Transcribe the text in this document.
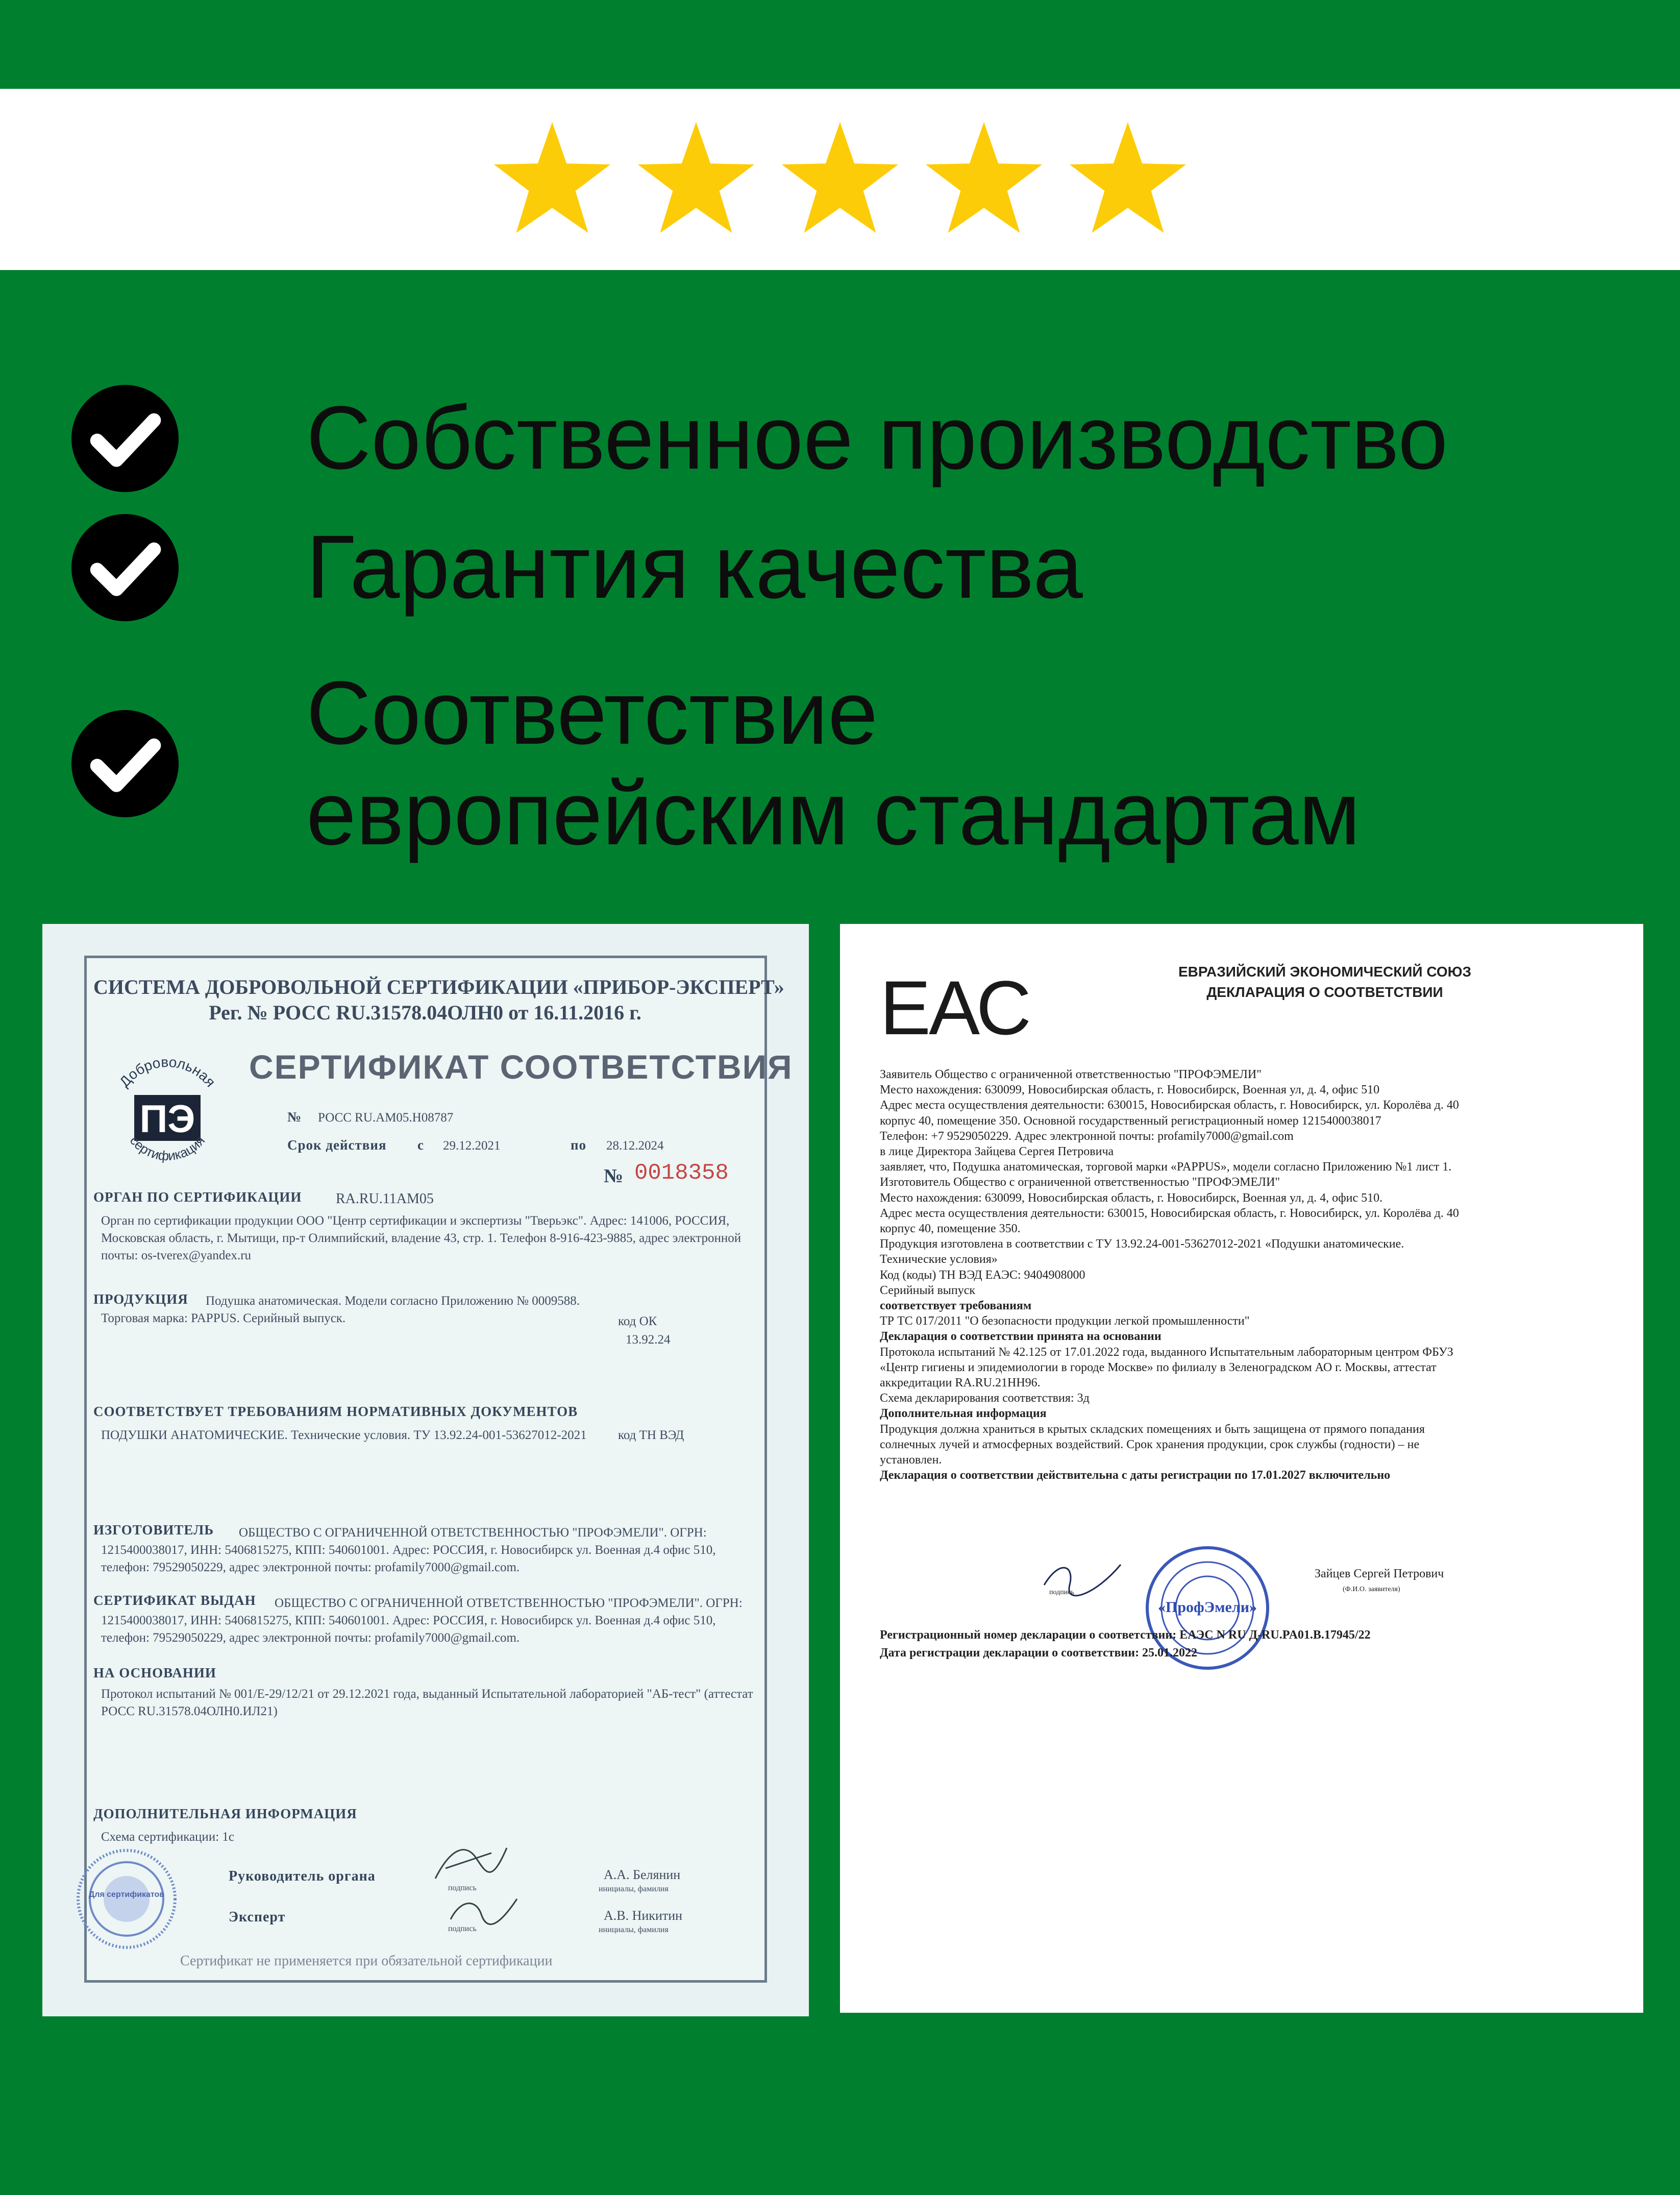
Собственное производство
Гарантия качества
Соответствие
европейским стандартам
СИСТЕМА ДОБРОВОЛЬНОЙ СЕРТИФИКАЦИИ «ПРИБОР-ЭКСПЕРТ»
Рег. № РОСС RU.31578.04ОЛН0 от 16.11.2016 г.
Добровольная
ПЭ
сертификация
СЕРТИФИКАТ СООТВЕТСТВИЯ
№ РОСС RU.АМ05.Н08787
Срок действия с 29.12.2021	по 28.12.2024
№ 0018358
ОРГАН ПО СЕРТИФИКАЦИИ RA.RU.11АМ05
Орган по сертификации продукции ООО "Центр сертификации и экспертизы "Тверьэкс". Адрес: 141006, РОССИЯ, Московская область, г. Мытищи, пр-т Олимпийский, владение 43, стр. 1. Телефон 8-916-423-9885, адрес электронной почты: os-tverex@yandex.ru
ПРОДУКЦИЯ Подушка анатомическая. Модели согласно Приложению № 0009588.
Торговая марка: PAPPUS. Серийный выпуск.	код ОК
13.92.24
СООТВЕТСТВУЕТ ТРЕБОВАНИЯМ НОРМАТИВНЫХ ДОКУМЕНТОВ
ПОДУШКИ АНАТОМИЧЕСКИЕ. Технические условия. ТУ 13.92.24-001-53627012-2021 код ТН ВЭД
ИЗГОТОВИТЕЛЬ	ОБЩЕСТВО С ОГРАНИЧЕННОЙ ОТВЕТСТВЕННОСТЬЮ "ПРОФЭМЕЛИ". ОГРН: 1215400038017, ИНН: 5406815275, КПП: 540601001. Адрес: РОССИЯ, г. Новосибирск ул. Военная д.4 офис 510, телефон: 79529050229, адрес электронной почты: profamily7000@gmail.com.
СЕРТИФИКАТ ВЫДАН	ОБЩЕСТВО С ОГРАНИЧЕННОЙ ОТВЕТСТВЕННОСТЬЮ "ПРОФЭМЕЛИ". ОГРН: 1215400038017, ИНН: 5406815275, КПП: 540601001. Адрес: РОССИЯ, г. Новосибирск ул. Военная д.4 офис 510, телефон: 79529050229, адрес электронной почты: profamily7000@gmail.com.
НА ОСНОВАНИИ
Протокол испытаний № 001/Е-29/12/21 от 29.12.2021 года, выданный Испытательной лабораторией "АБ-тест" (аттестат РОСС RU.31578.04ОЛН0.ИЛ21)
ДОПОЛНИТЕЛЬНАЯ ИНФОРМАЦИЯ
Схема сертификации: 1с
Руководитель органа
подпись
А.А. Белянин
инициалы, фамилия
Эксперт
подпись
А.В. Никитин
инициалы, фамилия
Для сертификатов
Сертификат не применяется при обязательной сертификации
ЕАС	ЕВРАЗИЙСКИЙ ЭКОНОМИЧЕСКИЙ СОЮЗ
ДЕКЛАРАЦИЯ О СООТВЕТСТВИИ
Заявитель Общество с ограниченной ответственностью "ПРОФЭМЕЛИ"
Место нахождения: 630099, Новосибирская область, г. Новосибирск, Военная ул, д. 4, офис 510
Адрес места осуществления деятельности: 630015, Новосибирская область, г. Новосибирск, ул. Королёва д. 40
корпус 40, помещение 350. Основной государственный регистрационный номер 1215400038017
Телефон: +7 9529050229. Адрес электронной почты: profamily7000@gmail.com
в лице Директора Зайцева Сергея Петровича
заявляет, что, Подушка анатомическая, торговой марки «PAPPUS», модели согласно Приложению №1 лист 1.
Изготовитель Общество с ограниченной ответственностью "ПРОФЭМЕЛИ"
Место нахождения: 630099, Новосибирская область, г. Новосибирск, Военная ул, д. 4, офис 510.
Адрес места осуществления деятельности: 630015, Новосибирская область, г. Новосибирск, ул. Королёва д. 40
корпус 40, помещение 350.
Продукция изготовлена в соответствии с ТУ 13.92.24-001-53627012-2021 «Подушки анатомические.
Технические условия»
Код (коды) ТН ВЭД ЕАЭС: 9404908000
Серийный выпуск
соответствует требованиям
ТР ТС 017/2011 "О безопасности продукции легкой промышленности"
Декларация о соответствии принята на основании
Протокола испытаний № 42.125 от 17.01.2022 года, выданного Испытательным лабораторным центром ФБУЗ
«Центр гигиены и эпидемиологии в городе Москве» по филиалу в Зеленоградском АО г. Москвы, аттестат
аккредитации RA.RU.21НН96.
Схема декларирования соответствия: 3д
Дополнительная информация
Продукция должна храниться в крытых складских помещениях и быть защищена от прямого попадания
солнечных лучей и атмосферных воздействий. Срок хранения продукции, срок службы (годности) – не
установлен.
Декларация о соответствии действительна с даты регистрации по 17.01.2027 включительно
подпись
Зайцев Сергей Петрович
(Ф.И.О. заявителя)
«ПрофЭмели»
Регистрационный номер декларации о соответствии: ЕАЭС N RU Д-RU.PA01.B.17945/22
Дата регистрации декларации о соответствии: 25.01.2022
